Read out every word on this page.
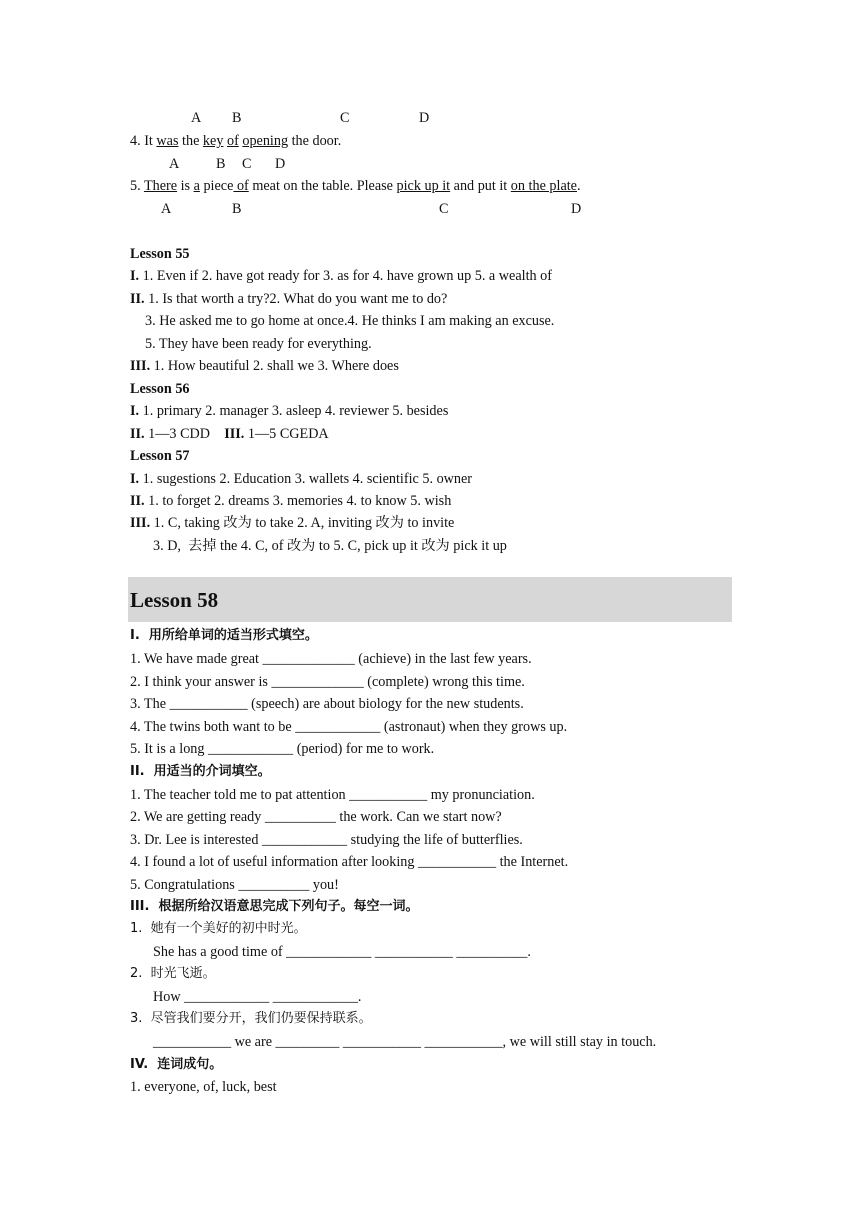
A B	C	D
4. It was the key of opening the door.
A	B C D
5. There is a piece of meat on the table. Please pick up it and put it on the plate.
A	B	C	D
Lesson 55
I. 1. Even if 2. have got ready for 3. as for 4. have grown up 5. a wealth of
II. 1. Is that worth a try?2. What do you want me to do?
3. He asked me to go home at once.4. He thinks I am making an excuse.
5. They have been ready for everything.
III. 1. How beautiful 2. shall we 3. Where does
Lesson 56
I. 1. primary 2. manager 3. asleep 4. reviewer 5. besides
II. 1—3 CDD    III. 1—5 CGEDA
Lesson 57
I. 1. sugestions 2. Education 3. wallets 4. scientific 5. owner
II. 1. to forget 2. dreams 3. memories 4. to know 5. wish
III. 1. C, taking 改为 to take 2. A, inviting 改为 to invite
3. D,  去掉 the 4. C, of 改为 to 5. C, pick up it 改为 pick it up
Lesson 58
I.  用所给单词的适当形式填空。
1. We have made great _____________ (achieve) in the last few years.
2. I think your answer is _____________ (complete) wrong this time.
3. The ___________ (speech) are about biology for the new students.
4. The twins both want to be ____________ (astronaut) when they grows up.
5. It is a long ____________ (period) for me to work.
II.  用适当的介词填空。
1. The teacher told me to pat attention ___________ my pronunciation.
2. We are getting ready __________ the work. Can we start now?
3. Dr. Lee is interested ____________ studying the life of butterflies.
4. I found a lot of useful information after looking ___________ the Internet.
5. Congratulations __________ you!
III.  根据所给汉语意思完成下列句子。每空一词。
1.  她有一个美好的初中时光。
She has a good time of ____________ ___________ __________.
2.  时光飞逝。
How ____________ ____________.
3.  尽管我们要分开，我们仍要保持联系。
___________ we are _________ ___________ ___________, we will still stay in touch.
IV.  连词成句。
1. everyone, of, luck, best
